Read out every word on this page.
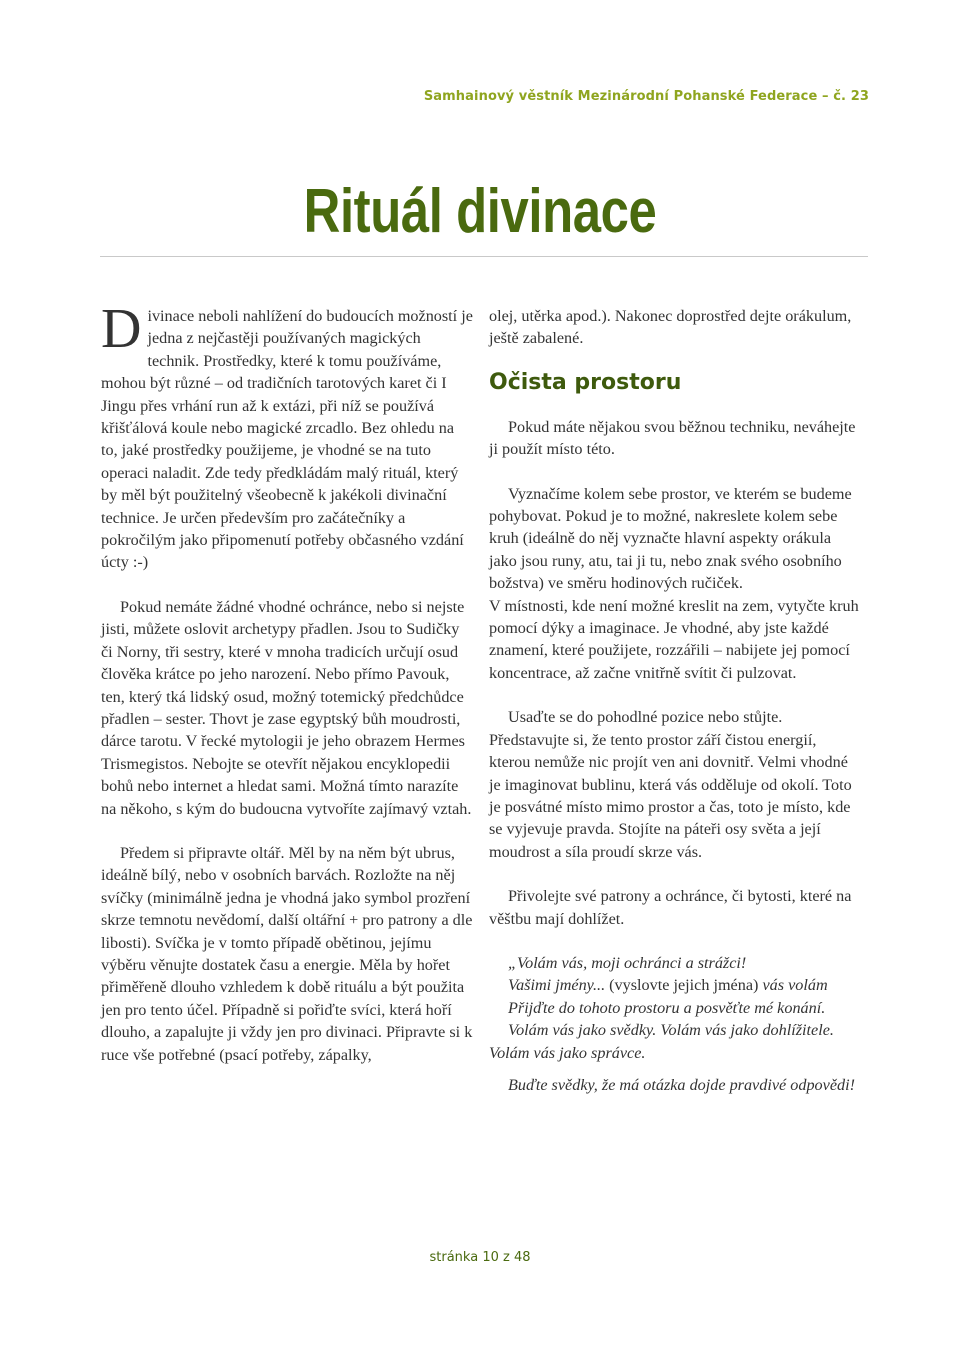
Samhainový věstník Mezinárodní Pohanské Federace – č. 23
Rituál divinace

Divinace neboli nahlížení do budoucích možností je jedna z nejčastěji používaných magických technik. Prostředky, které k tomu používáme, mohou být různé – od tradičních tarotových karet či I Jingu přes vrhání run až k extázi, při níž se používá křišťálová koule nebo magické zrcadlo. Bez ohledu na to, jaké prostředky použijeme, je vhodné se na tuto operaci naladit. Zde tedy předkládám malý rituál, který by měl být použitelný všeobecně k jakékoli divinační technice. Je určen především pro začátečníky a pokročilým jako připomenutí potřeby občasného vzdání úcty :-)

Pokud nemáte žádné vhodné ochránce, nebo si nejste jisti, můžete oslovit archetypy přadlen. Jsou to Sudičky či Norny, tři sestry, které v mnoha tradicích určují osud člověka krátce po jeho narození. Nebo přímo Pavouk, ten, který tká lidský osud, možný totemický předchůdce přadlen – sester. Thovt je zase egyptský bůh moudrosti, dárce tarotu. V řecké mytologii je jeho obrazem Hermes Trismegistos. Nebojte se otevřít nějakou encyklopedii bohů nebo internet a hledat sami. Možná tímto narazíte na někoho, s kým do budoucna vytvoříte zajímavý vztah.

Předem si připravte oltář. Měl by na něm být ubrus, ideálně bílý, nebo v osobních barvách. Rozložte na něj svíčky (minimálně jedna je vhodná jako symbol prozření skrze temnotu nevědomí, další oltářní + pro patrony a dle libosti). Svíčka je v tomto případě obětinou, jejímu výběru věnujte dostatek času a energie. Měla by hořet přiměřeně dlouho vzhledem k době rituálu a být použita jen pro tento účel. Případně si pořiďte svíci, která hoří dlouho, a zapalujte ji vždy jen pro divinaci. Připravte si k ruce vše potřebné (psací potřeby, zápalky,

olej, utěrka apod.). Nakonec doprostřed dejte orákulum, ještě zabalené.

Očista prostoru

Pokud máte nějakou svou běžnou techniku, neváhejte ji použít místo této.

Vyznačíme kolem sebe prostor, ve kterém se budeme pohybovat. Pokud je to možné, nakreslete kolem sebe kruh (ideálně do něj vyznačte hlavní aspekty orákula jako jsou runy, atu, tai ji tu, nebo znak svého osobního božstva) ve směru hodinových ručiček.

V místnosti, kde není možné kreslit na zem, vytyčte kruh pomocí dýky a imaginace. Je vhodné, aby jste každé znamení, které použijete, rozzářili – nabijete jej pomocí koncentrace, až začne vnitřně svítit či pulzovat.

Usaďte se do pohodlné pozice nebo stůjte. Představujte si, že tento prostor září čistou energií, kterou nemůže nic projít ven ani dovnitř. Velmi vhodné je imaginovat bublinu, která vás odděluje od okolí. Toto je posvátné místo mimo prostor a čas, toto je místo, kde se vyjevuje pravda. Stojíte na páteři osy světa a její moudrost a síla proudí skrze vás.

Přivolejte své patrony a ochránce, či bytosti, které na věštbu mají dohlížet.

„Volám vás, moji ochránci a strážci!

Vašimi jmény... (vyslovte jejich jména) vás volám

Přijďte do tohoto prostoru a posvěťte mé konání.

Volám vás jako svědky. Volám vás jako dohlížitele. Volám vás jako správce.

Buďte svědky, že má otázka dojde pravdivé odpovědi!

stránka 10 z 48
